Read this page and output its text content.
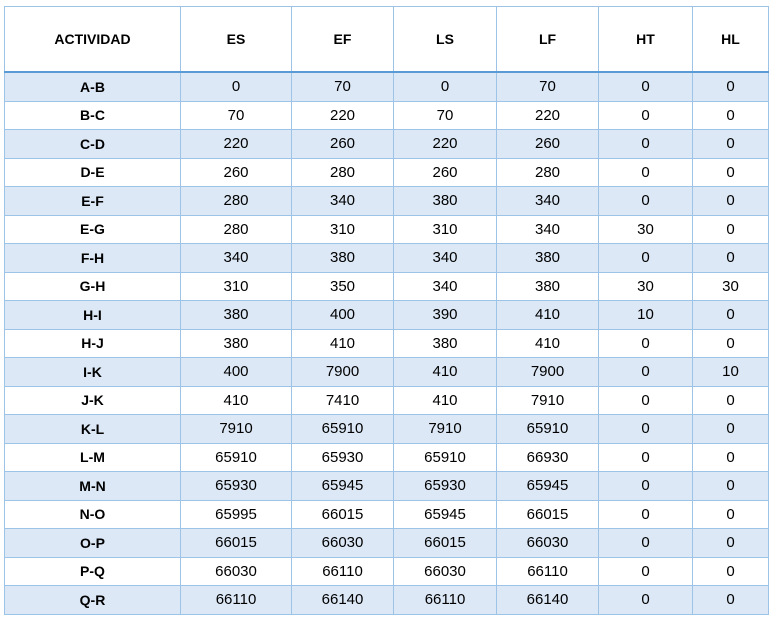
ACTIVIDAD	ES	EF	LS	LF	HT	HL
A-B	0	70	0	70	0	0
B-C	70	220	70	220	0	0
C-D	220	260	220	260	0	0
D-E	260	280	260	280	0	0
E-F	280	340	380	340	0	0
E-G	280	310	310	340	30	0
F-H	340	380	340	380	0	0
G-H	310	350	340	380	30	30
H-I	380	400	390	410	10	0
H-J	380	410	380	410	0	0
I-K	400	7900	410	7900	0	10
J-K	410	7410	410	7910	0	0
K-L	7910	65910	7910	65910	0	0
L-M	65910	65930	65910	66930	0	0
M-N	65930	65945	65930	65945	0	0
N-O	65995	66015	65945	66015	0	0
O-P	66015	66030	66015	66030	0	0
P-Q	66030	66110	66030	66110	0	0
Q-R	66110	66140	66110	66140	0	0
